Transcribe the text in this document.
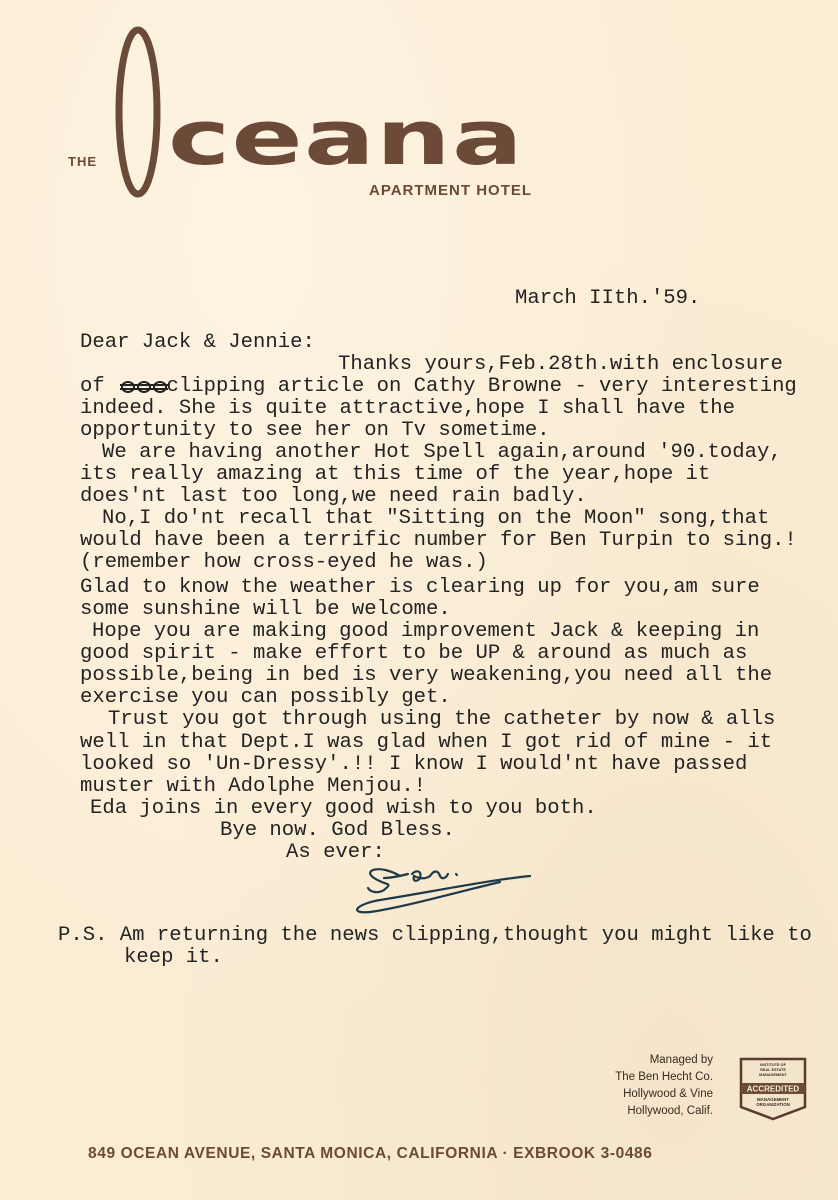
THE ceana
APARTMENT HOTEL
March IIth.'59.
Dear Jack & Jennie:
Thanks yours,Feb.28th.with enclosure
of     clipping article on Cathy Browne - very interesting
indeed. She is quite attractive,hope I shall have the
opportunity to see her on Tv sometime.
We are having another Hot Spell again,around '90.today,
its really amazing at this time of the year,hope it
does'nt last too long,we need rain badly.
No,I do'nt recall that "Sitting on the Moon" song,that
would have been a terrific number for Ben Turpin to sing.!
(remember how cross-eyed he was.)
Glad to know the weather is clearing up for you,am sure
some sunshine will be welcome.
Hope you are making good improvement Jack & keeping in
good spirit - make effort to be UP & around as much as
possible,being in bed is very weakening,you need all the
exercise you can possibly get.
Trust you got through using the catheter by now & alls
well in that Dept.I was glad when I got rid of mine - it
looked so 'Un-Dressy'.!! I know I would'nt have passed
muster with Adolphe Menjou.!
Eda joins in every good wish to you both.
Bye now. God Bless.
As ever:
P.S. Am returning the news clipping,thought you might like to
keep it.
Managed by
The Ben Hecht Co.
Hollywood & Vine
Hollywood, Calif.
INSTITUTE OF
REAL ESTATE
MANAGEMENT
ACCREDITED
MANAGEMENT
ORGANIZATION
849 OCEAN AVENUE, SANTA MONICA, CALIFORNIA · EXBROOK 3-0486
